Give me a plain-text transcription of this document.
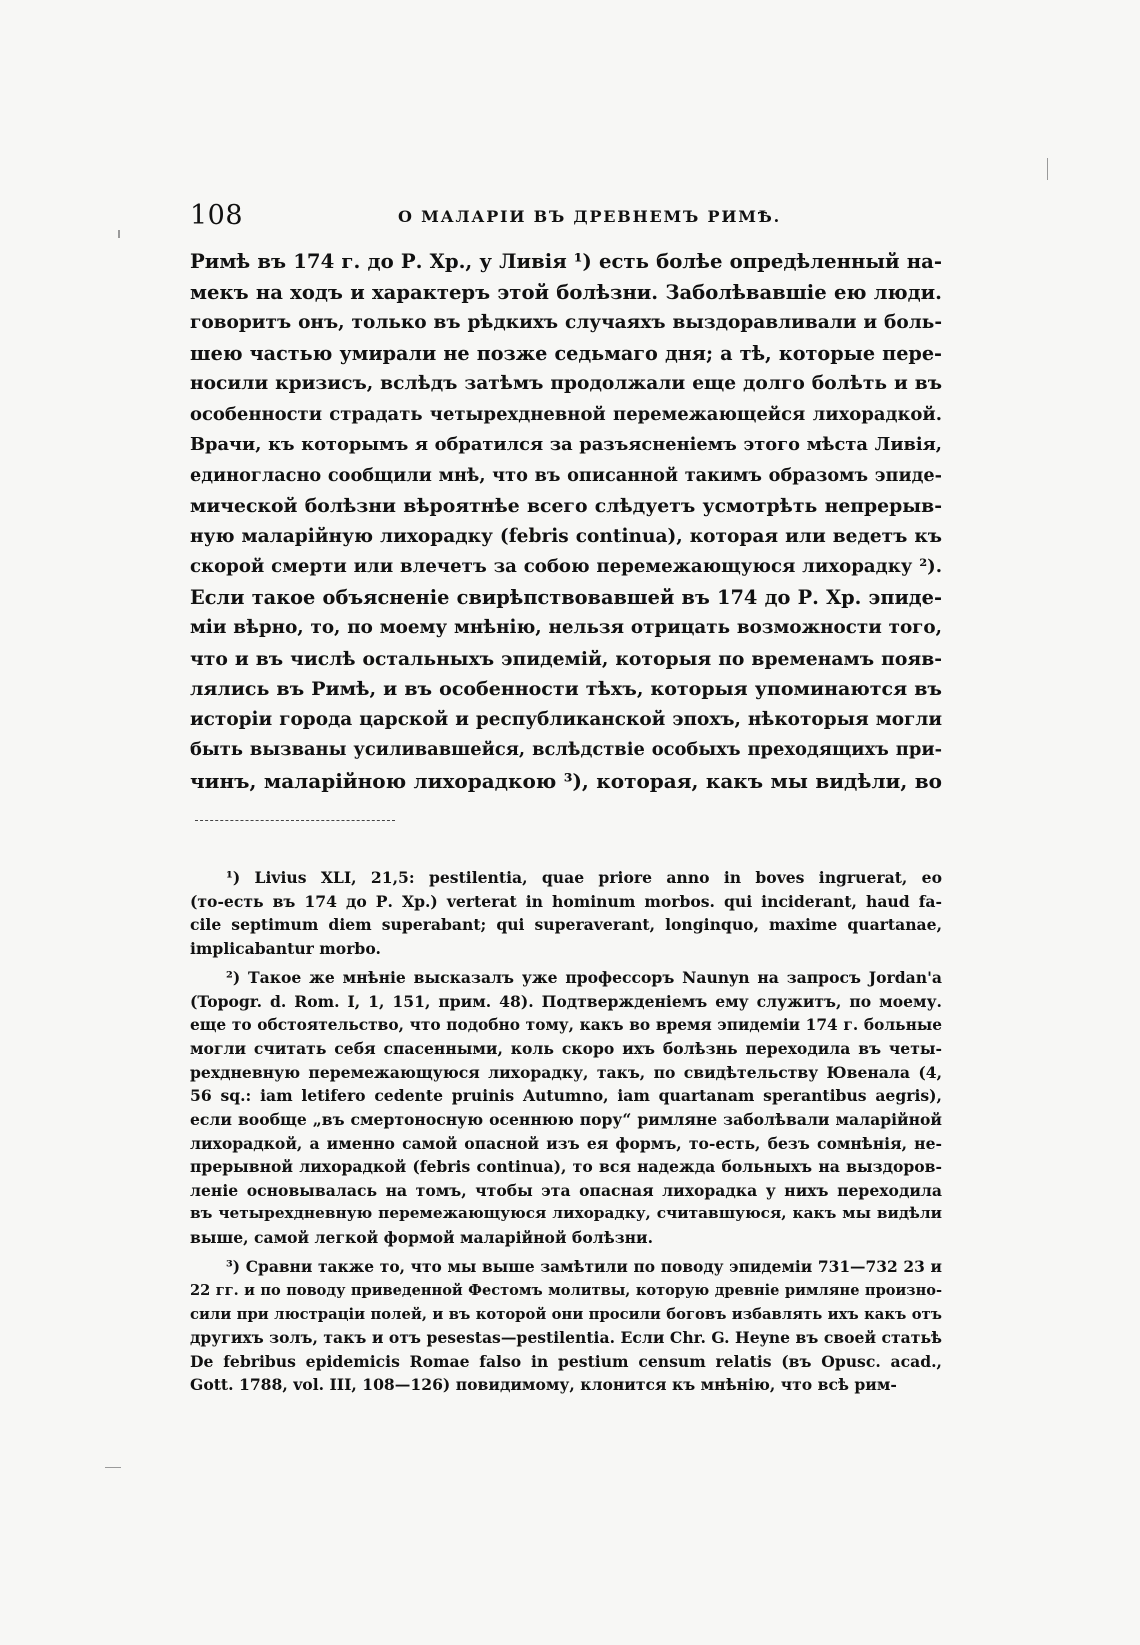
108	О МАЛАРІИ ВЪ ДРЕВНЕМЪ РИМѢ.
Римѣ въ 174 г. до Р. Хр., у Ливія ¹) есть болѣе опредѣленный на-
мекъ на ходъ и характеръ этой болѣзни. Заболѣвавшіе ею люди.
говоритъ онъ, только въ рѣдкихъ случаяхъ выздоравливали и боль-
шею частью умирали не позже седьмаго дня; а тѣ, которые пере-
носили кризисъ, вслѣдъ затѣмъ продолжали еще долго болѣть и въ
особенности страдать четырехдневной перемежающейся лихорадкой.
Врачи, къ которымъ я обратился за разъясненіемъ этого мѣста Ливія,
единогласно сообщили мнѣ, что въ описанной такимъ образомъ эпиде-
мической болѣзни вѣроятнѣе всего слѣдуетъ усмотрѣть непрерыв-
ную маларійную лихорадку (febris continua), которая или ведетъ къ
скорой смерти или влечетъ за собою перемежающуюся лихорадку ²).
Если такое объясненіе свирѣпствовавшей въ 174 до Р. Хр. эпиде-
міи вѣрно, то, по моему мнѣнію, нельзя отрицать возможности того,
что и въ числѣ остальныхъ эпидемій, которыя по временамъ появ-
лялись въ Римѣ, и въ особенности тѣхъ, которыя упоминаются въ
исторіи города царской и республиканской эпохъ, нѣкоторыя могли
быть вызваны усиливавшейся, вслѣдствіе особыхъ преходящихъ при-
чинъ, маларійною лихорадкою ³), которая, какъ мы видѣли, во
¹) Livius XLI, 21,5: pestilentia, quae priore anno in boves ingruerat, eo
(то-есть въ 174 до Р. Хр.) verterat in hominum morbos. qui inciderant, haud fa-
cile septimum diem superabant; qui superaverant, longinquo, maxime quartanae,
implicabantur morbo.
²) Такое же мнѣніе высказалъ уже профессоръ Naunyn на запросъ Jordan'a
(Topogr. d. Rom. I, 1, 151, прим. 48). Подтвержденіемъ ему служитъ, по моему.
еще то обстоятельство, что подобно тому, какъ во время эпидеміи 174 г. больные
могли считать себя спасенными, коль скоро ихъ болѣзнь переходила въ четы-
рехдневную перемежающуюся лихорадку, такъ, по свидѣтельству Ювенала (4,
56 sq.: iam letifero cedente pruinis Autumno, iam quartanam sperantibus aegris),
если вообще „въ смертоносную осеннюю пору“ римляне заболѣвали маларійной
лихорадкой, а именно самой опасной изъ ея формъ, то-есть, безъ сомнѣнія, не-
прерывной лихорадкой (febris continua), то вся надежда больныхъ на выздоров-
леніе основывалась на томъ, чтобы эта опасная лихорадка у нихъ переходила
въ четырехдневную перемежающуюся лихорадку, считавшуюся, какъ мы видѣли
выше, самой легкой формой маларійной болѣзни.
³) Сравни также то, что мы выше замѣтили по поводу эпидеміи 731—732 23 и
22 гг. и по поводу приведенной Фестомъ молитвы, которую древніе римляне произно-
сили при люстраціи полей, и въ которой они просили боговъ избавлять ихъ какъ отъ
другихъ золъ, такъ и отъ pesestas—pestilentia. Если Chr. G. Heyne въ своей статьѣ
De febribus epidemicis Romae falso in pestium censum relatis (въ Opusc. acad.,
Gott. 1788, vol. III, 108—126) повидимому, клонится къ мнѣнію, что всѣ рим-
